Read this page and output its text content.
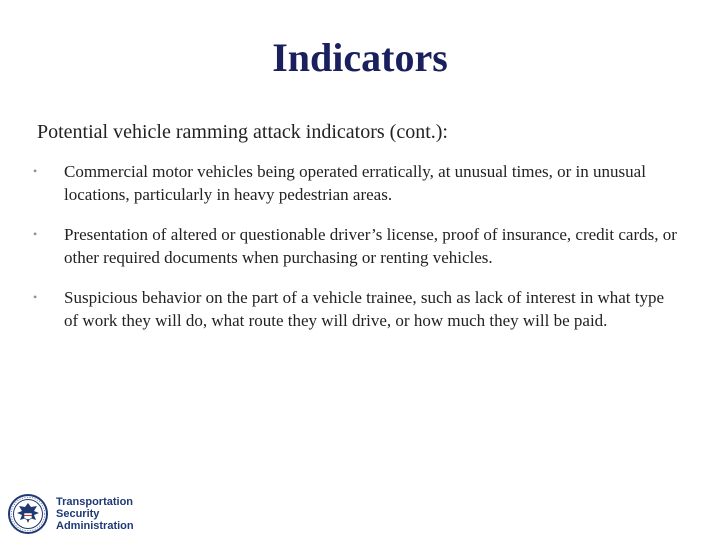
Indicators
Potential vehicle ramming attack indicators (cont.):
• Commercial motor vehicles being operated erratically, at unusual times, or in unusual locations, particularly in heavy pedestrian areas.
• Presentation of altered or questionable driver’s license, proof of insurance, credit cards, or other required documents when purchasing or renting vehicles.
• Suspicious behavior on the part of a vehicle trainee, such as lack of interest in what type of work they will do, what route they will drive, or how much they will be paid.
Transportation
Security
Administration
